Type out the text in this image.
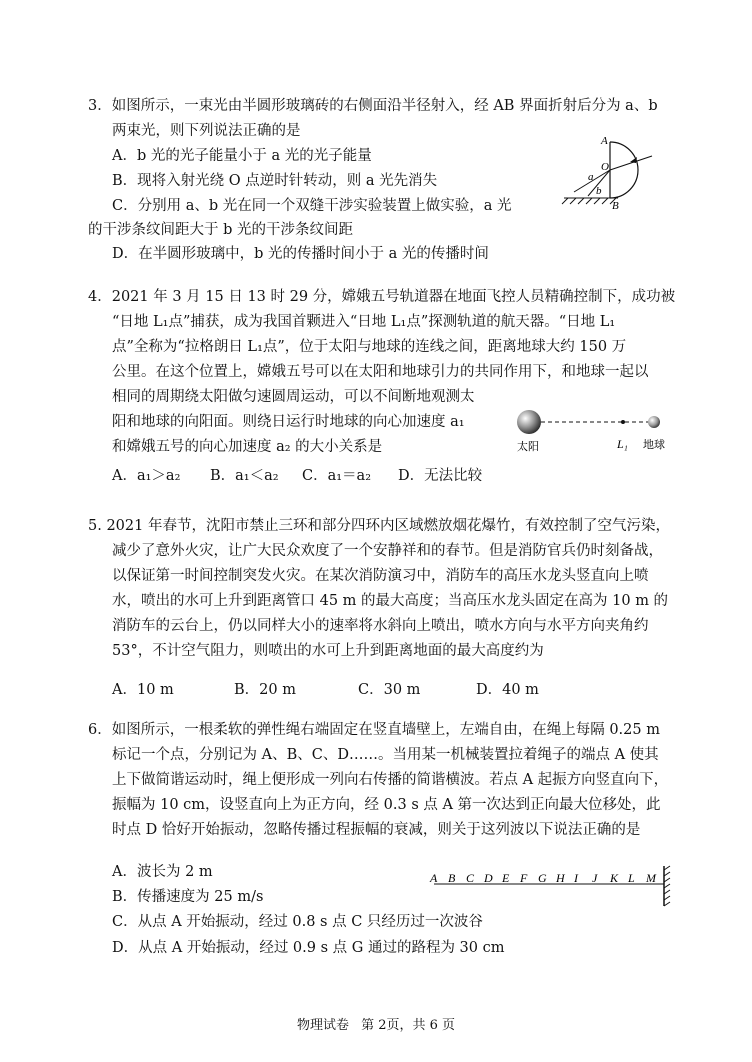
3．如图所示，一束光由半圆形玻璃砖的右侧面沿半径射入，经 AB 界面折射后分为 a、b
两束光，则下列说法正确的是
A．b 光的光子能量小于 a 光的光子能量
B．现将入射光绕 O 点逆时针转动，则 a 光先消失
C．分别用 a、b 光在同一个双缝干涉实验装置上做实验，a 光
的干涉条纹间距大于 b 光的干涉条纹间距
D．在半圆形玻璃中，b 光的传播时间小于 a 光的传播时间
A
O
B
a
b
4．2021 年 3 月 15 日 13 时 29 分，嫦娥五号轨道器在地面飞控人员精确控制下，成功被
“日地 L₁点”捕获，成为我国首颗进入“日地 L₁点”探测轨道的航天器。“日地 L₁
点”全称为“拉格朗日 L₁点”，位于太阳与地球的连线之间，距离地球大约 150 万
公里。在这个位置上，嫦娥五号可以在太阳和地球引力的共同作用下，和地球一起以
相同的周期绕太阳做匀速圆周运动，可以不间断地观测太
阳和地球的向阳面。则绕日运行时地球的向心加速度 a₁
和嫦娥五号的向心加速度 a₂ 的大小关系是
A．a₁＞a₂ B．a₁＜a₂ C．a₁＝a₂ D．无法比较
太阳	L₁ 地球
5. 2021 年春节，沈阳市禁止三环和部分四环内区域燃放烟花爆竹，有效控制了空气污染，
减少了意外火灾，让广大民众欢度了一个安静祥和的春节。但是消防官兵仍时刻备战，
以保证第一时间控制突发火灾。在某次消防演习中，消防车的高压水龙头竖直向上喷
水，喷出的水可上升到距离管口 45 m 的最大高度；当高压水龙头固定在高为 10 m 的
消防车的云台上，仍以同样大小的速率将水斜向上喷出，喷水方向与水平方向夹角约
53°，不计空气阻力，则喷出的水可上升到距离地面的最大高度约为
A．10 m	B．20 m	C．30 m	D．40 m
6．如图所示，一根柔软的弹性绳右端固定在竖直墙壁上，左端自由，在绳上每隔 0.25 m
标记一个点，分别记为 A、B、C、D……。当用某一机械装置拉着绳子的端点 A 使其
上下做简谐运动时，绳上便形成一列向右传播的简谐横波。若点 A 起振方向竖直向下，
振幅为 10 cm，设竖直向上为正方向，经 0.3 s 点 A 第一次达到正向最大位移处，此
时点 D 恰好开始振动，忽略传播过程振幅的衰减，则关于这列波以下说法正确的是
A．波长为 2 m
B．传播速度为 25 m/s
C．从点 A 开始振动，经过 0.8 s 点 C 只经历过一次波谷
D．从点 A 开始振动，经过 0.9 s 点 G 通过的路程为 30 cm
A B C D E F G H I J K L M
物理试卷 第 2页，共 6 页
